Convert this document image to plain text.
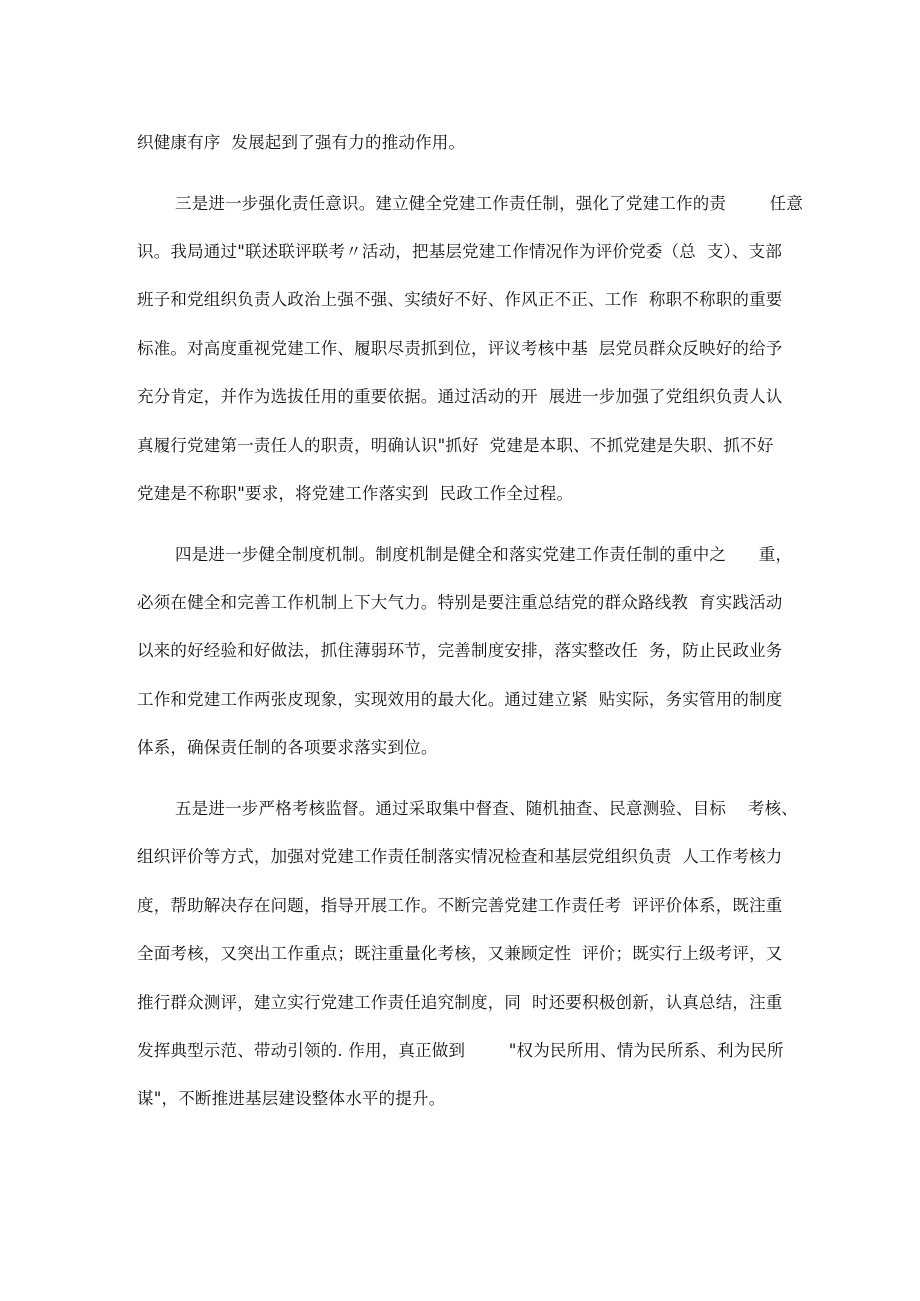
织健康有序  发展起到了强有力的推动作用。
三是进一步强化责任意识。建立健全党建工作责任制，强化了党建工作的责        任意
识。我局通过"联述联评联考〃活动，把基层党建工作情况作为评价党委（总  支）、支部
班子和党组织负责人政治上强不强、实绩好不好、作风正不正、工作  称职不称职的重要
标准。对高度重视党建工作、履职尽责抓到位，评议考核中基  层党员群众反映好的给予
充分肯定，并作为选拔任用的重要依据。通过活动的开  展进一步加强了党组织负责人认
真履行党建第一责任人的职责，明确认识"抓好  党建是本职、不抓党建是失职、抓不好
党建是不称职"要求，将党建工作落实到  民政工作全过程。
四是进一步健全制度机制。制度机制是健全和落实党建工作责任制的重中之      重，
必须在健全和完善工作机制上下大气力。特别是要注重总结党的群众路线教  育实践活动
以来的好经验和好做法，抓住薄弱环节，完善制度安排，落实整改任  务，防止民政业务
工作和党建工作两张皮现象，实现效用的最大化。通过建立紧  贴实际，务实管用的制度
体系，确保责任制的各项要求落实到位。
五是进一步严格考核监督。通过采取集中督查、随机抽查、民意测验、目标    考核、
组织评价等方式，加强对党建工作责任制落实情况检查和基层党组织负责  人工作考核力
度，帮助解决存在问题，指导开展工作。不断完善党建工作责任考  评评价体系，既注重
全面考核，又突出工作重点；既注重量化考核，又兼顾定性  评价；既实行上级考评，又
推行群众测评，建立实行党建工作责任追究制度，同  时还要积极创新，认真总结，注重
发挥典型示范、带动引领的. 作用，真正做到        "权为民所用、情为民所系、利为民所
谋"，不断推进基层建设整体水平的提升。
